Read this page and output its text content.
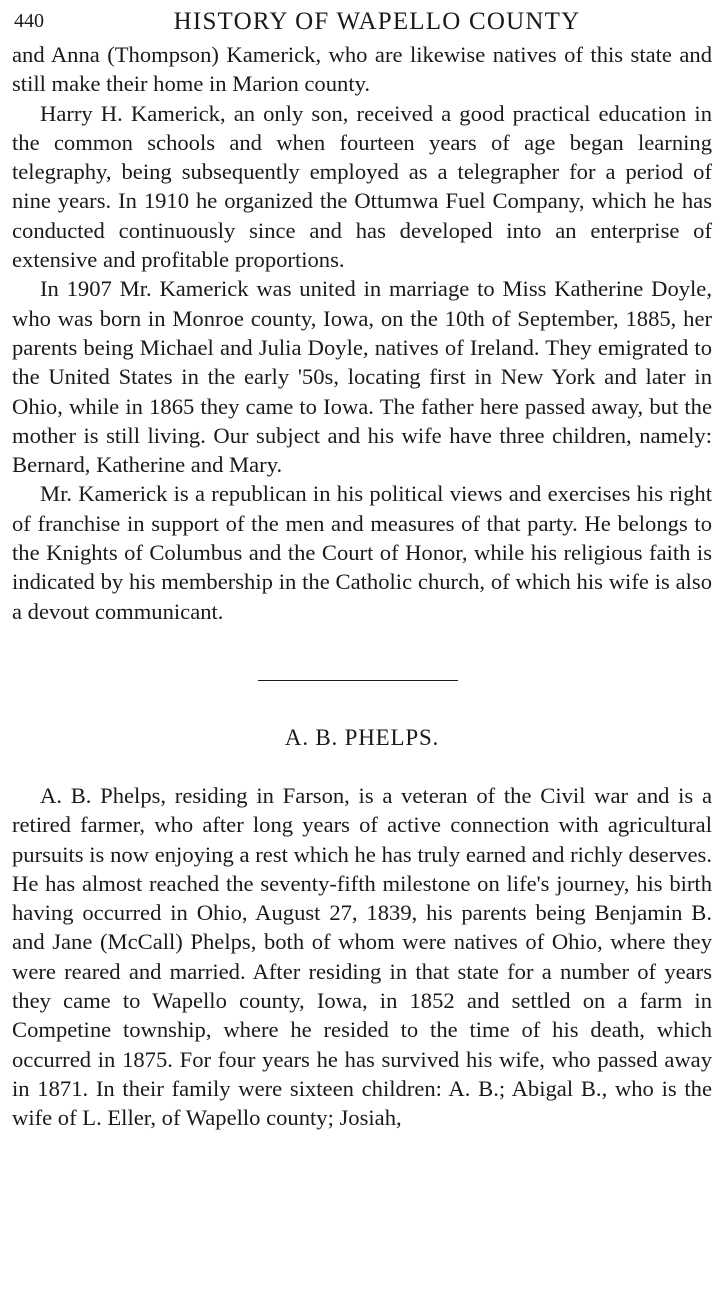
440	HISTORY OF WAPELLO COUNTY

and Anna (Thompson) Kamerick, who are likewise natives of this state and still make their home in Marion county.

Harry H. Kamerick, an only son, received a good practical education in the common schools and when fourteen years of age began learning telegraphy, being subsequently employed as a telegrapher for a period of nine years. In 1910 he organized the Ottumwa Fuel Company, which he has conducted continuously since and has developed into an enterprise of extensive and profitable proportions.

In 1907 Mr. Kamerick was united in marriage to Miss Katherine Doyle, who was born in Monroe county, Iowa, on the 10th of September, 1885, her parents being Michael and Julia Doyle, natives of Ireland. They emigrated to the United States in the early '50s, locating first in New York and later in Ohio, while in 1865 they came to Iowa. The father here passed away, but the mother is still living. Our subject and his wife have three children, namely: Bernard, Katherine and Mary.

Mr. Kamerick is a republican in his political views and exercises his right of franchise in support of the men and measures of that party. He belongs to the Knights of Columbus and the Court of Honor, while his religious faith is indicated by his membership in the Catholic church, of which his wife is also a devout communicant.

A. B. PHELPS.

A. B. Phelps, residing in Farson, is a veteran of the Civil war and is a retired farmer, who after long years of active connection with agricultural pursuits is now enjoying a rest which he has truly earned and richly deserves. He has almost reached the seventy-fifth milestone on life's journey, his birth having occurred in Ohio, August 27, 1839, his parents being Benjamin B. and Jane (McCall) Phelps, both of whom were natives of Ohio, where they were reared and married. After residing in that state for a number of years they came to Wapello county, Iowa, in 1852 and settled on a farm in Competine township, where he resided to the time of his death, which occurred in 1875. For four years he has survived his wife, who passed away in 1871. In their family were sixteen children: A. B.; Abigal B., who is the wife of L. Eller, of Wapello county; Josiah,
